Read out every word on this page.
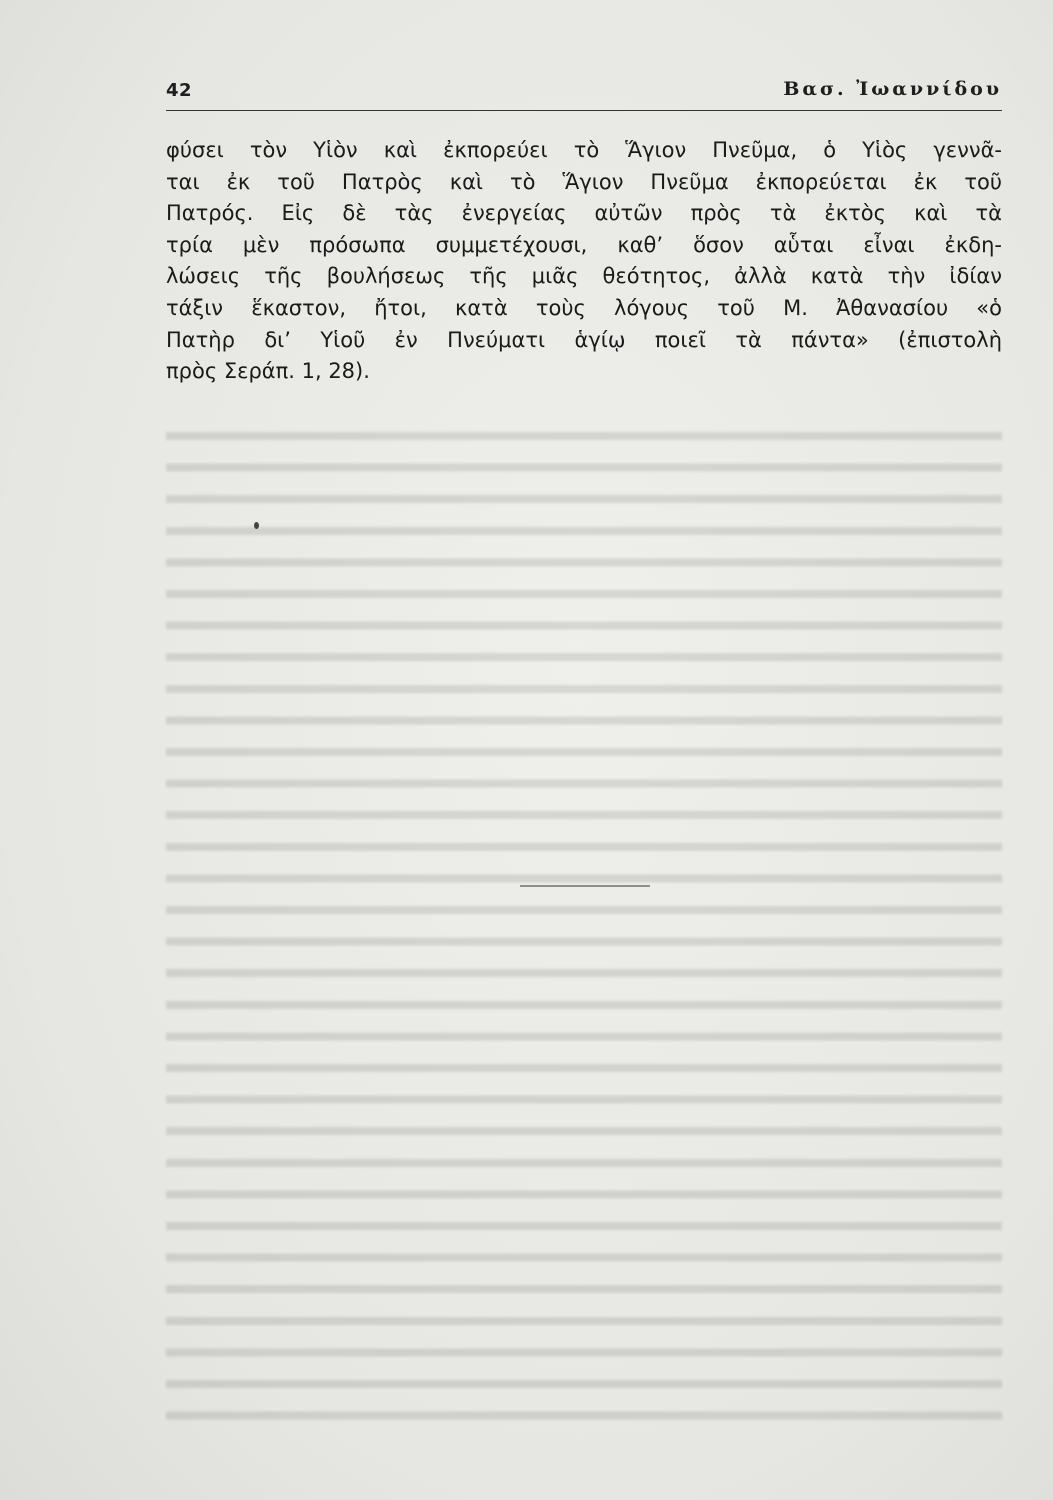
42	Βασ. Ἰωαννίδου
φύσει τὸν Υἱὸν καὶ ἐκπορεύει τὸ Ἅγιον Πνεῦμα, ὁ Υἱὸς γεννᾶ-
ται ἐκ τοῦ Πατρὸς καὶ τὸ Ἅγιον Πνεῦμα ἐκπορεύεται ἐκ τοῦ
Πατρός. Εἰς δὲ τὰς ἐνεργείας αὐτῶν πρὸς τὰ ἐκτὸς καὶ τὰ
τρία μὲν πρόσωπα συμμετέχουσι, καθ’ ὅσον αὗται εἶναι ἐκδη-
λώσεις τῆς βουλήσεως τῆς μιᾶς θεότητος, ἀλλὰ κατὰ τὴν ἰδίαν
τάξιν ἕκαστον, ἤτοι, κατὰ τοὺς λόγους τοῦ Μ. Ἀθανασίου «ὁ
Πατὴρ δι’ Υἱοῦ ἐν Πνεύματι ἁγίῳ ποιεῖ τὰ πάντα» (ἐπιστολὴ
πρὸς Σεράπ. 1, 28).
